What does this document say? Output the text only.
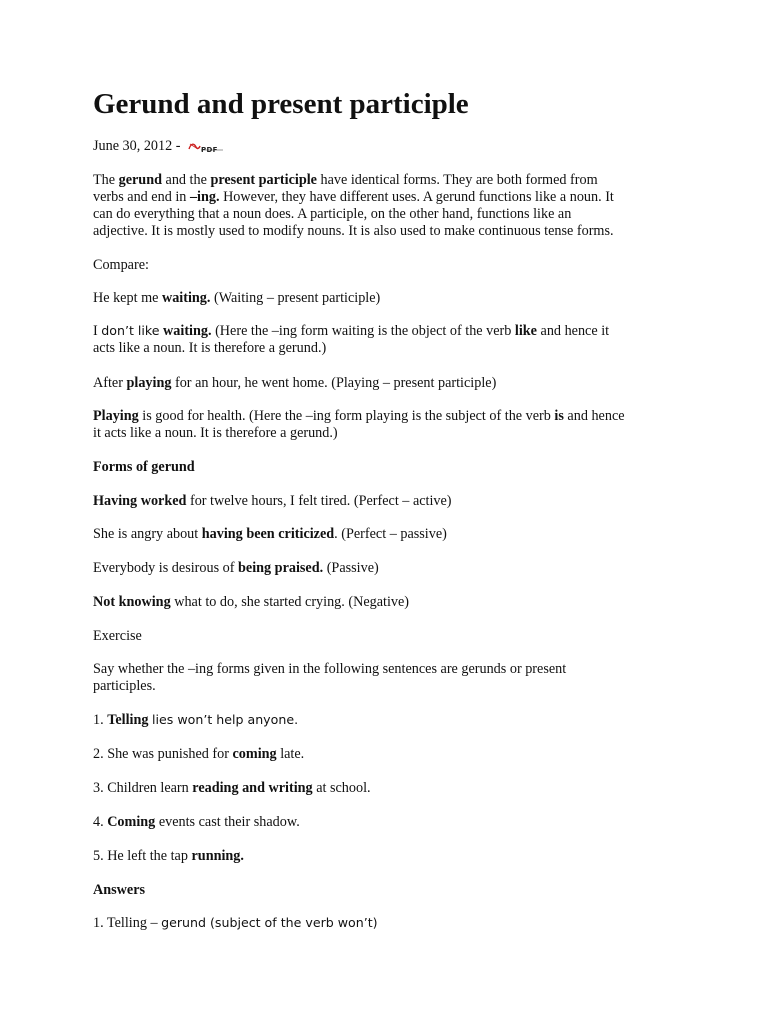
Gerund and present participle

June 30, 2012 -	PDF

The gerund and the present participle have identical forms. They are both formed from

verbs and end in –ing. However, they have different uses. A gerund functions like a noun. It

can do everything that a noun does. A participle, on the other hand, functions like an

adjective. It is mostly used to modify nouns. It is also used to make continuous tense forms.

Compare:

He kept me waiting. (Waiting – present participle)

I don’t like waiting. (Here the –ing form waiting is the object of the verb like and hence it

acts like a noun. It is therefore a gerund.)

After playing for an hour, he went home. (Playing – present participle)

Playing is good for health. (Here the –ing form playing is the subject of the verb is and hence

it acts like a noun. It is therefore a gerund.)

Forms of gerund

Having worked for twelve hours, I felt tired. (Perfect – active)

She is angry about having been criticized. (Perfect – passive)

Everybody is desirous of being praised. (Passive)

Not knowing what to do, she started crying. (Negative)

Exercise

Say whether the –ing forms given in the following sentences are gerunds or present

participles.

1. Telling lies won’t help anyone.

2. She was punished for coming late.

3. Children learn reading and writing at school.

4. Coming events cast their shadow.

5. He left the tap running.

Answers

1. Telling – gerund (subject of the verb won’t)
